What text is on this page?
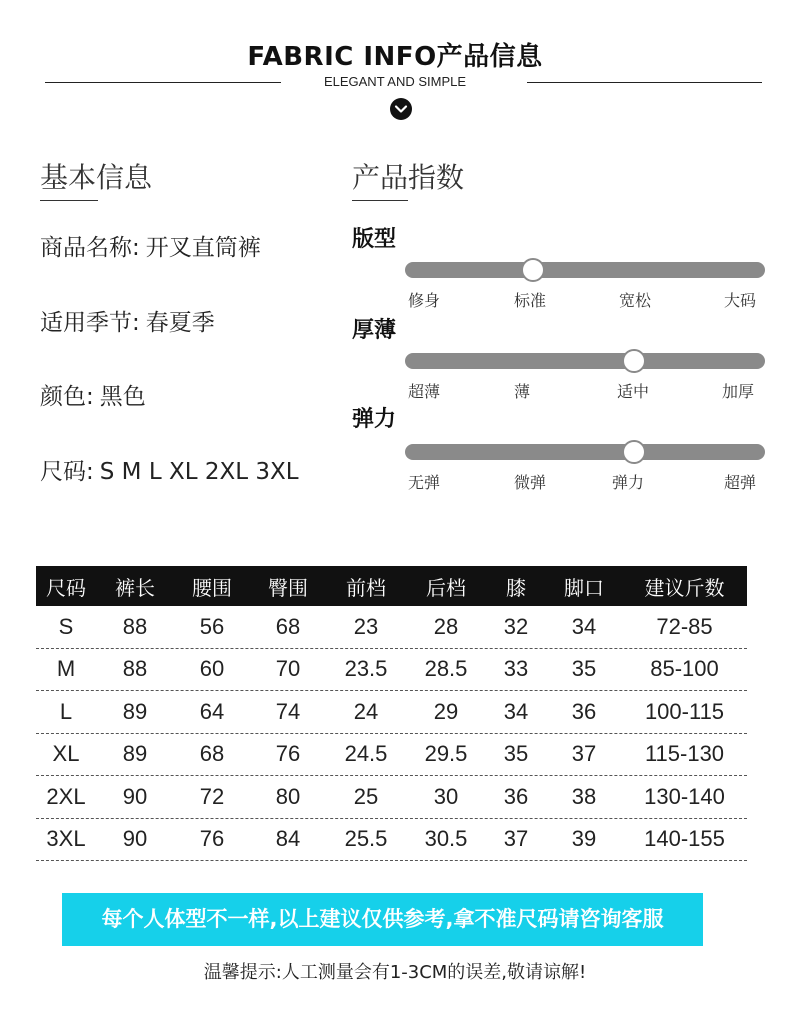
FABRIC INFO产品信息
ELEGANT AND SIMPLE
基本信息
商品名称: 开叉直筒裤
适用季节: 春夏季
颜色: 黑色
尺码: S M L XL 2XL 3XL
产品指数
版型
修身	标准	宽松	大码
厚薄
超薄	薄	适中	加厚
弹力
无弹	微弹	弹力	超弹
尺码	裤长	腰围	臀围	前档	后档	膝	脚口	建议斤数
S	88	56	68	23	28	32	34	72-85
M	88	60	70	23.5	28.5	33	35	85-100
L	89	64	74	24	29	34	36	100-115
XL	89	68	76	24.5	29.5	35	37	115-130
2XL	90	72	80	25	30	36	38	130-140
3XL	90	76	84	25.5	30.5	37	39	140-155
每个人体型不一样,以上建议仅供参考,拿不准尺码请咨询客服
温馨提示:人工测量会有1-3CM的误差,敬请谅解!
